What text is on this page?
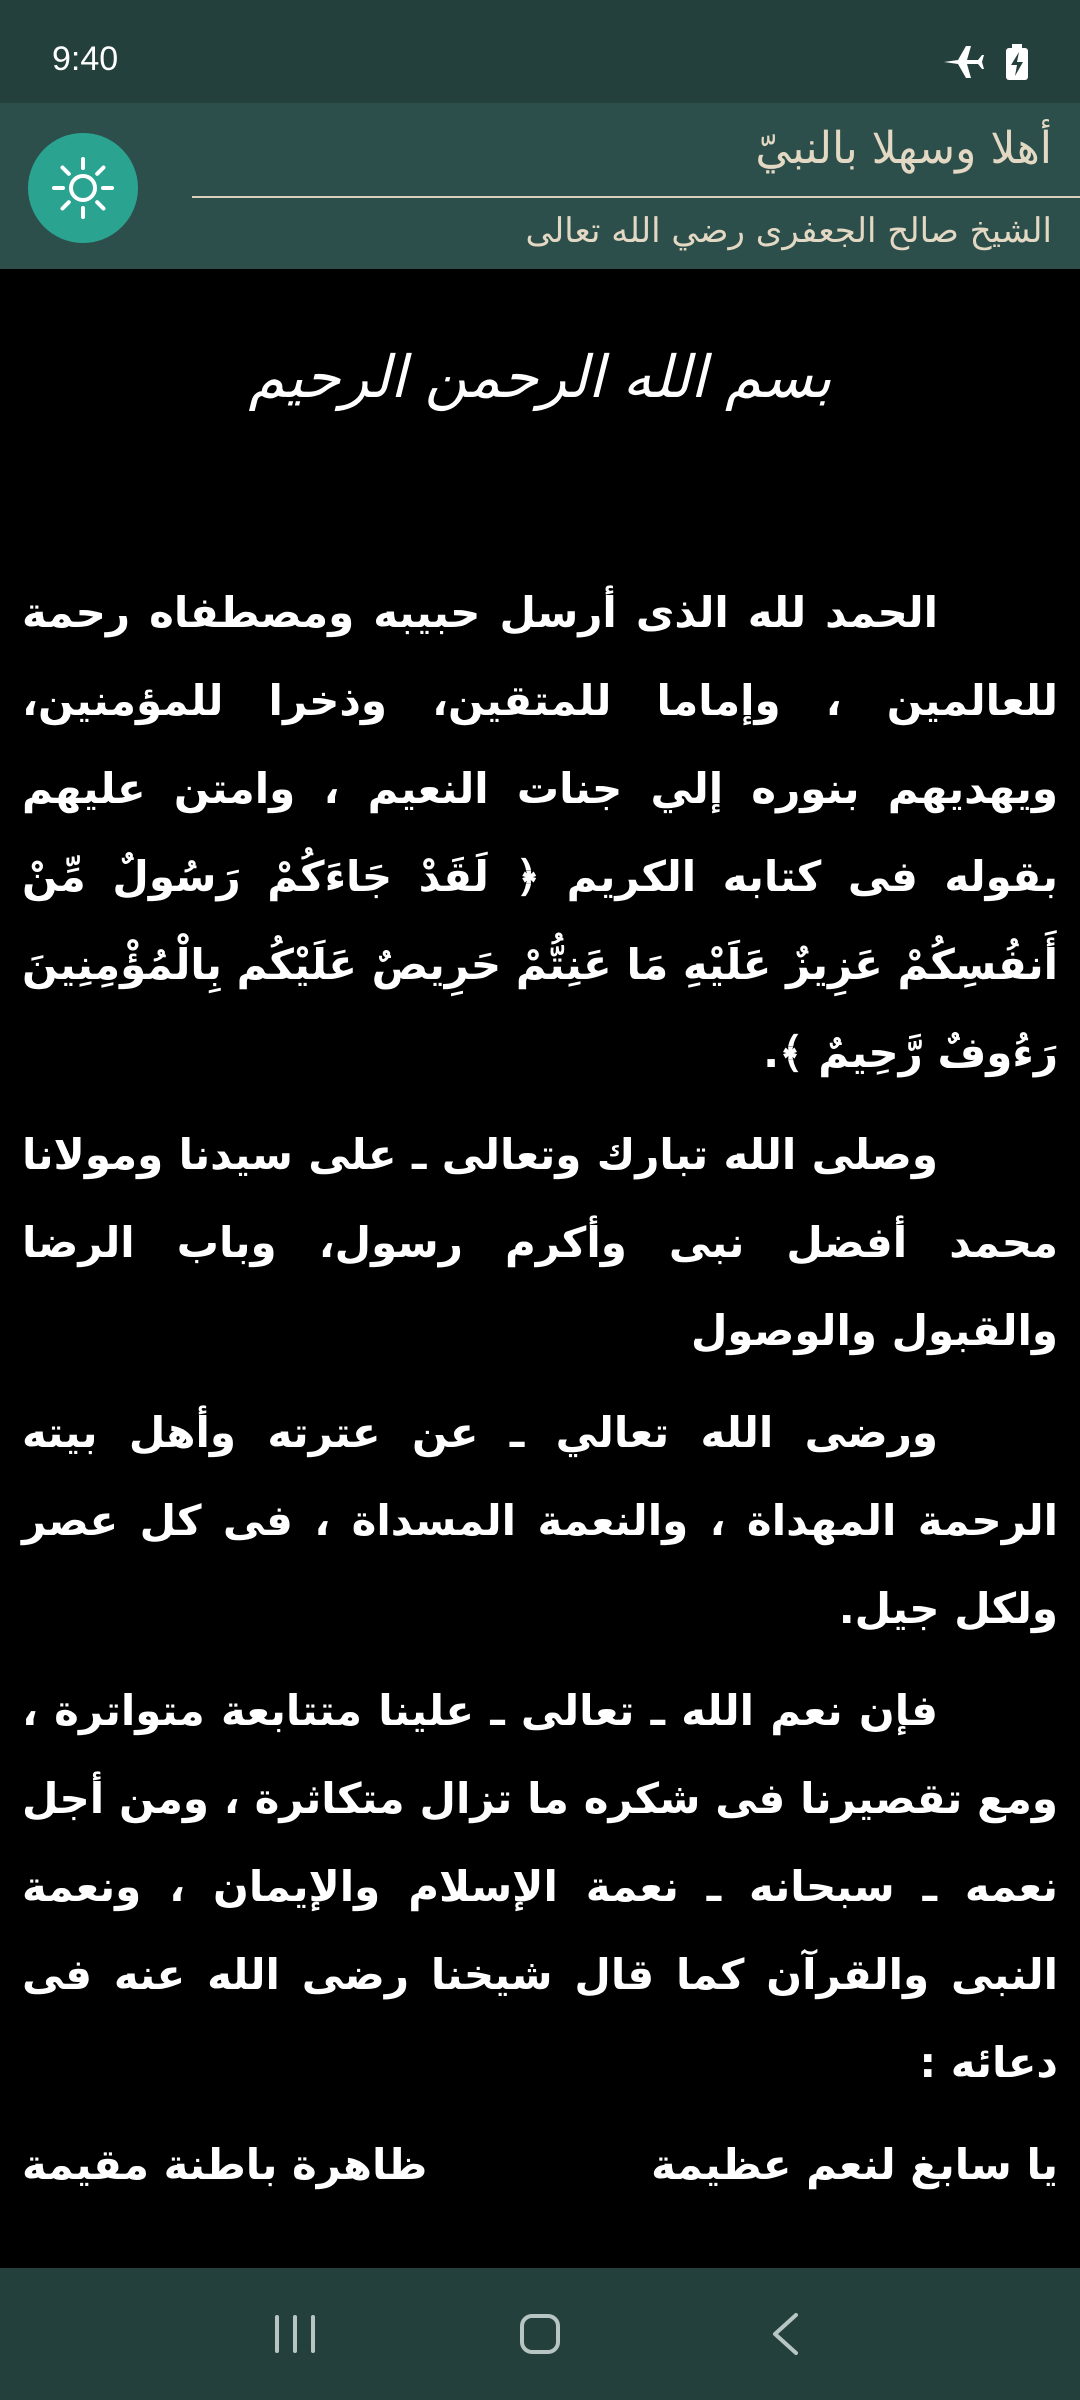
9:40
أهلا وسهلا بالنبيّ
الشيخ صالح الجعفرى رضي الله تعالى
بسم الله الرحمن الرحيم

الحمد لله الذى أرسل حبيبه ومصطفاه رحمة للعالمين ، وإماما للمتقين، وذخرا للمؤمنين، ويهديهم بنوره إلي جنات النعيم ، وامتن عليهم بقوله فى كتابه الكريم ﴿ لَقَدْ جَاءَكُمْ رَسُولٌ مِّنْ أَنفُسِكُمْ عَزِيزٌ عَلَيْهِ مَا عَنِتُّمْ حَرِيصٌ عَلَيْكُم بِالْمُؤْمِنِينَ رَءُوفٌ رَّحِيمٌ ﴾.

وصلى الله تبارك وتعالى ـ على سيدنا ومولانا محمد أفضل نبى وأكرم رسول، وباب الرضا والقبول والوصول

ورضى الله تعالي ـ عن عترته وأهل بيته الرحمة المهداة ، والنعمة المسداة ، فى كل عصر ولكل جيل.

فإن نعم الله ـ تعالى ـ علينا متتابعة متواترة ، ومع تقصيرنا فى شكره ما تزال متكاثرة ، ومن أجل نعمه ـ سبحانه ـ نعمة الإسلام والإيمان ، ونعمة النبى والقرآن كما قال شيخنا رضى الله عنه فى دعائه :

يا سابغ لنعم عظيمة
ظاهرة باطنة مقيمة
